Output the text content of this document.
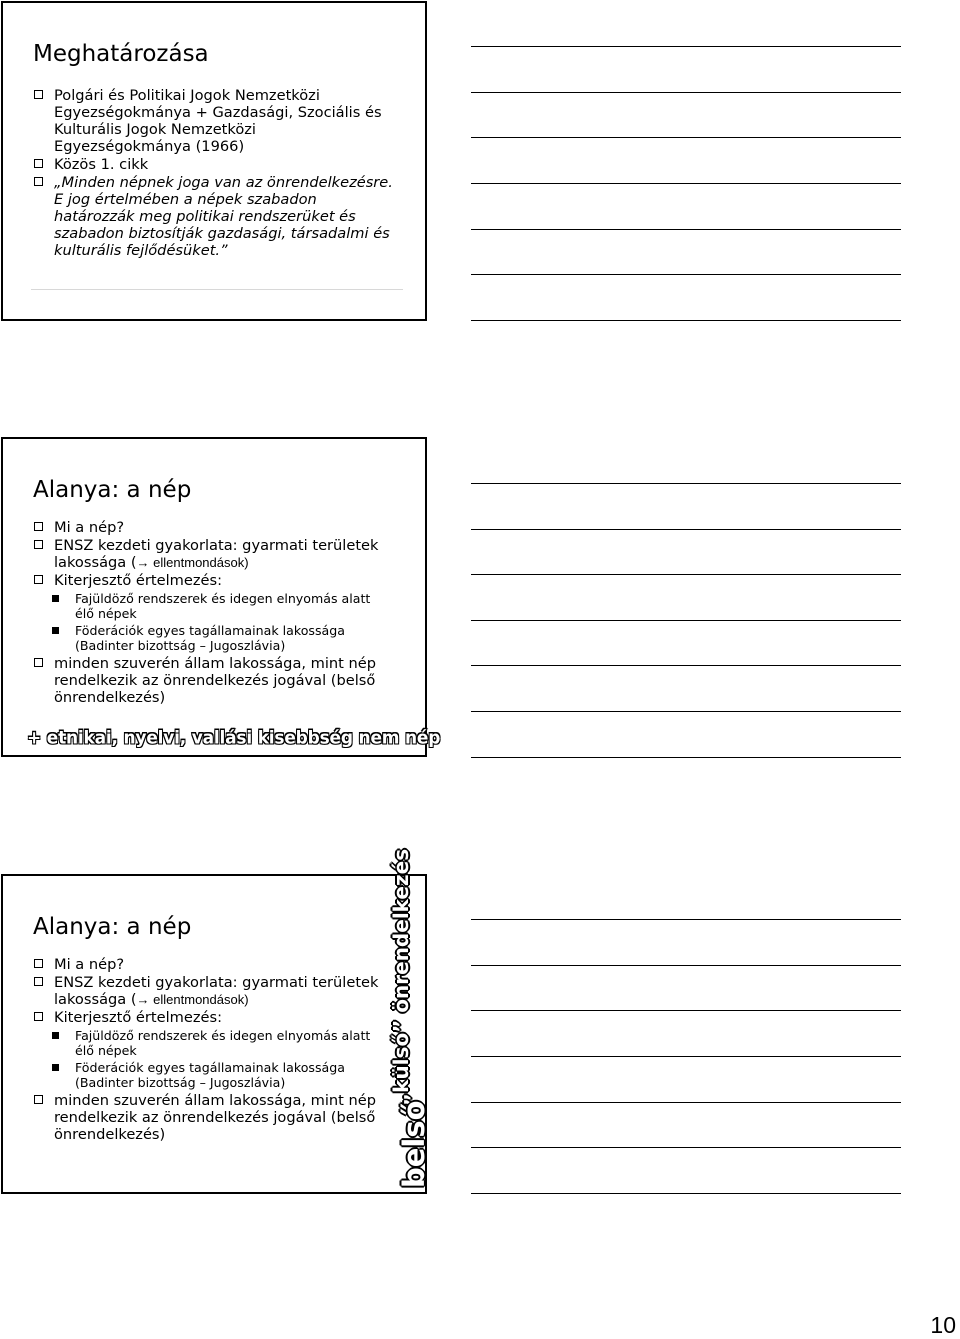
Meghatározása
Polgári és Politikai Jogok Nemzetközi Egyezségokmánya + Gazdasági, Szociális és Kulturális Jogok Nemzetközi Egyezségokmánya (1966)
Közös 1. cikk
„Minden népnek joga van az önrendelkezésre. E jog értelmében a népek szabadon határozzák meg politikai rendszerüket és szabadon biztosítják gazdasági, társadalmi és kulturális fejlődésüket.”
Alanya: a nép
Mi a nép?
ENSZ kezdeti gyakorlata: gyarmati területek lakossága (→ ellentmondások)
Kiterjesztő értelmezés:
Fajüldöző rendszerek és idegen elnyomás alatt élő népek
Föderációk egyes tagállamainak lakossága (Badinter bizottság – Jugoszlávia)
minden szuverén állam lakossága, mint nép rendelkezik az önrendelkezés jogával (belső önrendelkezés)
+ etnikai, nyelvi, vallási kisebbség nem nép
Alanya: a nép
Mi a nép?
ENSZ kezdeti gyakorlata: gyarmati területek lakossága (→ ellentmondások)
Kiterjesztő értelmezés:
Fajüldöző rendszerek és idegen elnyomás alatt élő népek
Föderációk egyes tagállamainak lakossága (Badinter bizottság – Jugoszlávia)
minden szuverén állam lakossága, mint nép rendelkezik az önrendelkezés jogával (belső önrendelkezés)
„külső” önrendelkezés
belső
10
